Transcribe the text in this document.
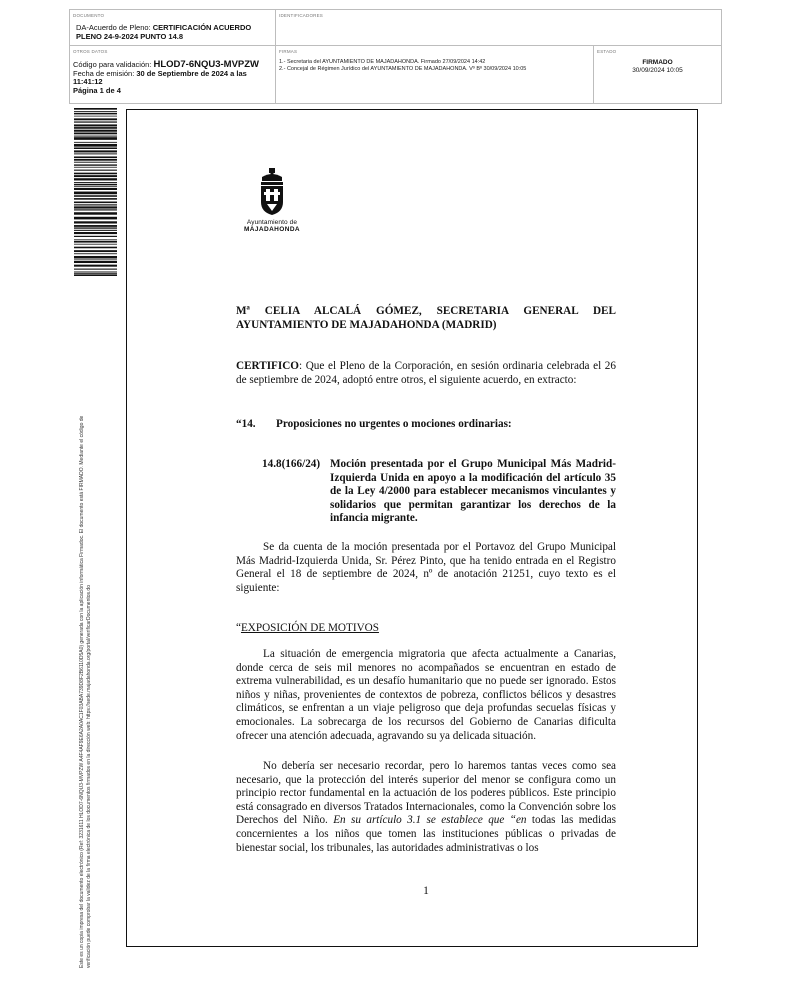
DOCUMENTO
DA-Acuerdo de Pleno: CERTIFICACIÓN ACUERDO PLENO 24-9-2024 PUNTO 14.8
IDENTIFICADORES
OTROS DATOS
Código para validación: HLOD7-6NQU3-MVPZW
Fecha de emisión: 30 de Septiembre de 2024 a las 11:41:12
Página 1 de 4
FIRMAS
1.- Secretaria del AYUNTAMIENTO DE MAJADAHONDA. Firmado 27/09/2024 14:42
2.- Concejal de Régimen Jurídico del AYUNTAMIENTO DE MAJADAHONDA. Vº Bº 30/09/2024 10:05
ESTADO
FIRMADO
30/09/2024 10:05
Este es un copia impresa del documento electrónico (Ref: 3231611 HLOD7-6NQU3-MVPZW A4F4AF9E6A2A0AC1F03ABA739D8F2B6110D5A0) generada con la aplicación informática Firmadoc. El documento está FIRMADO. Mediante el código de verificación puede comprobar la validez de la firma electrónica de los documentos firmados en la dirección web: https://sede.majadahonda.org/portal/verificarDocumentos.do
Ayuntamiento de
MAJADAHONDA
Mª CELIA ALCALÁ GÓMEZ, SECRETARIA GENERAL DEL
AYUNTAMIENTO DE MAJADAHONDA (MADRID)
CERTIFICO: Que el Pleno de la Corporación, en sesión ordinaria celebrada el 26 de septiembre de 2024, adoptó entre otros, el siguiente acuerdo, en extracto:
“14. Proposiciones no urgentes o mociones ordinarias:
14.8(166/24) Moción presentada por el Grupo Municipal Más Madrid-Izquierda Unida en apoyo a la modificación del artículo 35 de la Ley 4/2000 para establecer mecanismos vinculantes y solidarios que permitan garantizar los derechos de la infancia migrante.
Se da cuenta de la moción presentada por el Portavoz del Grupo Municipal Más Madrid-Izquierda Unida, Sr. Pérez Pinto, que ha tenido entrada en el Registro General el 18 de septiembre de 2024, nº de anotación 21251, cuyo texto es el siguiente:
“EXPOSICIÓN DE MOTIVOS
La situación de emergencia migratoria que afecta actualmente a Canarias, donde cerca de seis mil menores no acompañados se encuentran en estado de extrema vulnerabilidad, es un desafío humanitario que no puede ser ignorado. Estos niños y niñas, provenientes de contextos de pobreza, conflictos bélicos y desastres climáticos, se enfrentan a un viaje peligroso que deja profundas secuelas físicas y emocionales. La sobrecarga de los recursos del Gobierno de Canarias dificulta ofrecer una atención adecuada, agravando su ya delicada situación.
No debería ser necesario recordar, pero lo haremos tantas veces como sea necesario, que la protección del interés superior del menor se configura como un principio rector fundamental en la actuación de los poderes públicos. Este principio está consagrado en diversos Tratados Internacionales, como la Convención sobre los Derechos del Niño. En su artículo 3.1 se establece que “en todas las medidas concernientes a los niños que tomen las instituciones públicas o privadas de bienestar social, los tribunales, las autoridades administrativas o los
1
